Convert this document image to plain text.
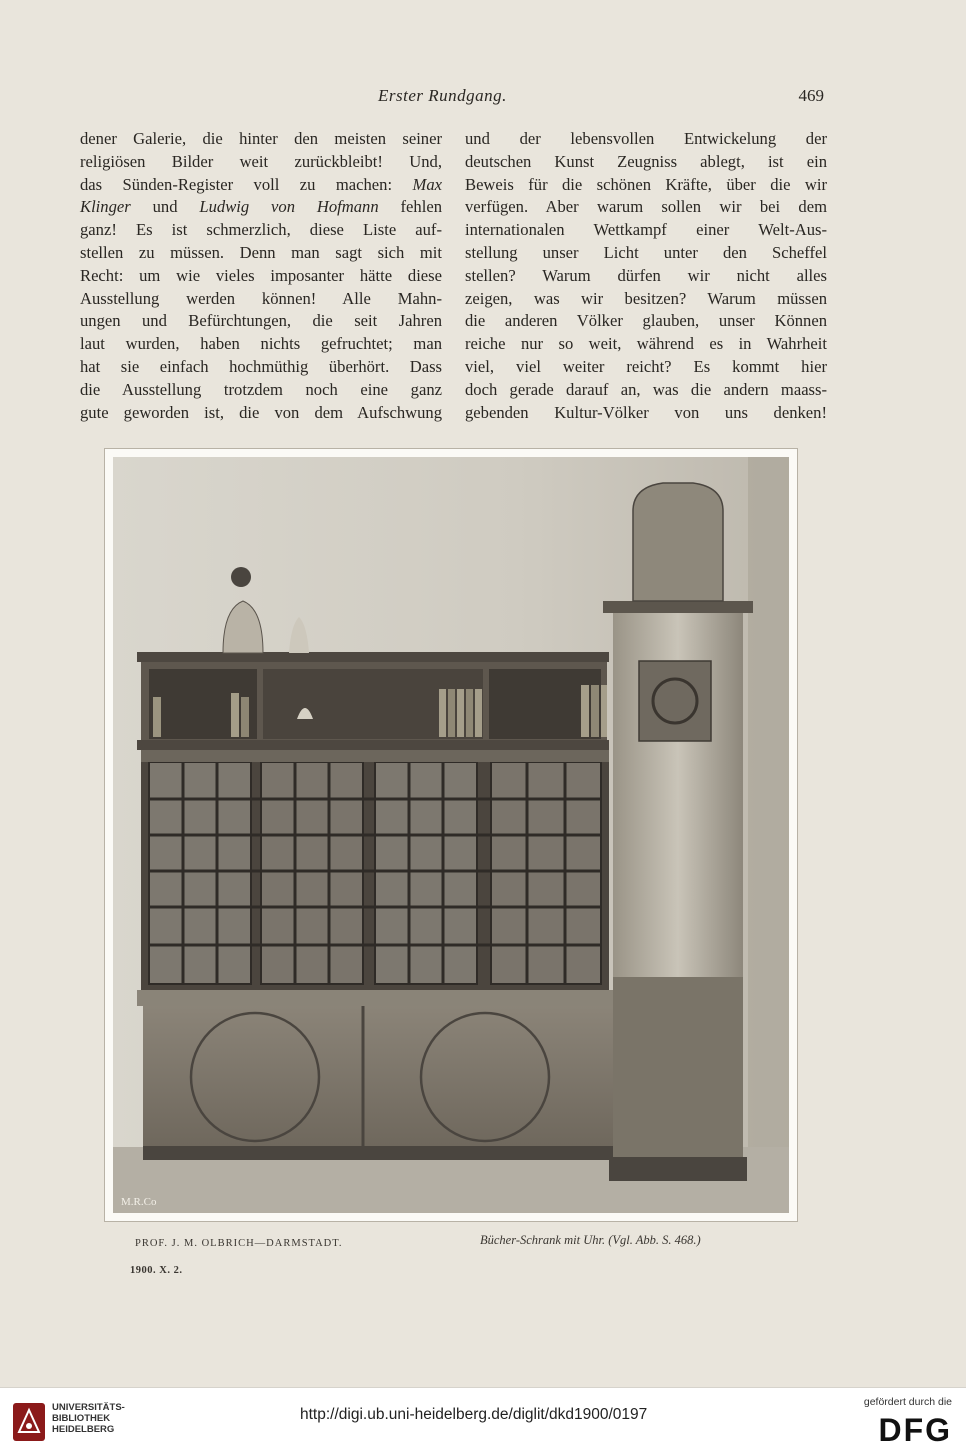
Erster Rundgang.	469
dener Galerie, die hinter den meisten seiner
religiösen Bilder weit zurückbleibt! Und,
das Sünden-Register voll zu machen: Max
Klinger und Ludwig von Hofmann fehlen
ganz! Es ist schmerzlich, diese Liste auf-
stellen zu müssen. Denn man sagt sich mit
Recht: um wie vieles imposanter hätte diese
Ausstellung werden können! Alle Mahn-
ungen und Befürchtungen, die seit Jahren
laut wurden, haben nichts gefruchtet; man
hat sie einfach hochmüthig überhört. Dass
die Ausstellung trotzdem noch eine ganz
gute geworden ist, die von dem Aufschwung
und der lebensvollen Entwickelung der
deutschen Kunst Zeugniss ablegt, ist ein
Beweis für die schönen Kräfte, über die wir
verfügen. Aber warum sollen wir bei dem
internationalen Wettkampf einer Welt-Aus-
stellung unser Licht unter den Scheffel
stellen? Warum dürfen wir nicht alles
zeigen, was wir besitzen? Warum müssen
die anderen Völker glauben, unser Können
reiche nur so weit, während es in Wahrheit
viel, viel weiter reicht? Es kommt hier
doch gerade darauf an, was die andern maass-
gebenden Kultur-Völker von uns denken!
M.R.Co
PROF. J. M. OLBRICH—DARMSTADT.	Bücher-Schrank mit Uhr. (Vgl. Abb. S. 468.)
1900. X. 2.
UNIVERSITÄTS-
BIBLIOTHEK
HEIDELBERG
http://digi.ub.uni-heidelberg.de/diglit/dkd1900/0197
gefördert durch die
DFG
